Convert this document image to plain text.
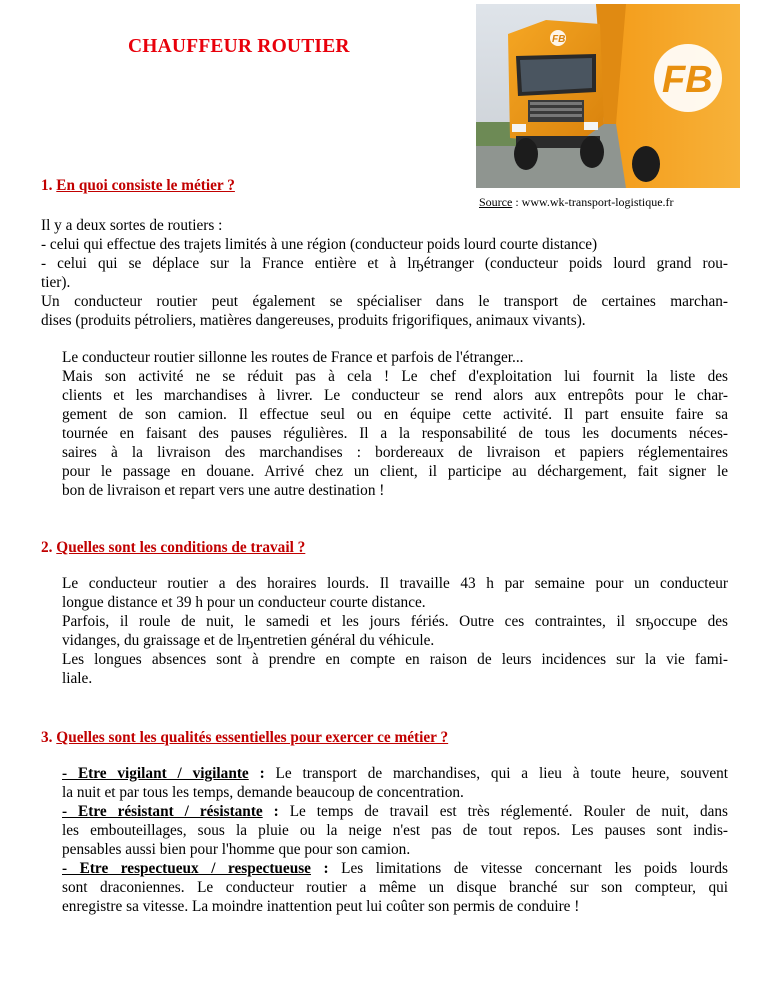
CHAUFFEUR ROUTIER	FB
FB
Source : www.wk-transport-logistique.fr
1. En quoi consiste le métier ?
Il y a deux sortes de routiers :
- celui qui effectue des trajets limités à une région (conducteur poids lourd courte distance)
- celui qui se déplace sur la France entière et à lҧétranger (conducteur poids lourd grand rou-
tier).
Un conducteur routier peut également se spécialiser dans le transport de certaines marchan-
dises (produits pétroliers, matières dangereuses, produits frigorifiques, animaux vivants).
Le conducteur routier sillonne les routes de France et parfois de l'étranger...
Mais son activité ne se réduit pas à cela ! Le chef d'exploitation lui fournit la liste des
clients et les marchandises à livrer. Le conducteur se rend alors aux entrepôts pour le char-
gement de son camion. Il effectue seul ou en équipe cette activité. Il part ensuite faire sa
tournée en faisant des pauses régulières. Il a la responsabilité de tous les documents néces-
saires à la livraison des marchandises : bordereaux de livraison et papiers réglementaires
pour le passage en douane. Arrivé chez un client, il participe au déchargement, fait signer le
bon de livraison et repart vers une autre destination !
2. Quelles sont les conditions de travail ?
Le conducteur routier a des horaires lourds. Il travaille 43 h par semaine pour un conducteur
longue distance et 39 h pour un conducteur courte distance.
Parfois, il roule de nuit, le samedi et les jours fériés. Outre ces contraintes, il sҧoccupe des
vidanges, du graissage et de lҧentretien général du véhicule.
Les longues absences sont à prendre en compte en raison de leurs incidences sur la vie fami-
liale.
3. Quelles sont les qualités essentielles pour exercer ce métier ?
- Etre vigilant / vigilante : Le transport de marchandises, qui a lieu à toute heure, souvent
la nuit et par tous les temps, demande beaucoup de concentration.
- Etre résistant / résistante : Le temps de travail est très réglementé. Rouler de nuit, dans
les embouteillages, sous la pluie ou la neige n'est pas de tout repos. Les pauses sont indis-
pensables aussi bien pour l'homme que pour son camion.
- Etre respectueux / respectueuse : Les limitations de vitesse concernant les poids lourds
sont draconiennes. Le conducteur routier a même un disque branché sur son compteur, qui
enregistre sa vitesse. La moindre inattention peut lui coûter son permis de conduire !
